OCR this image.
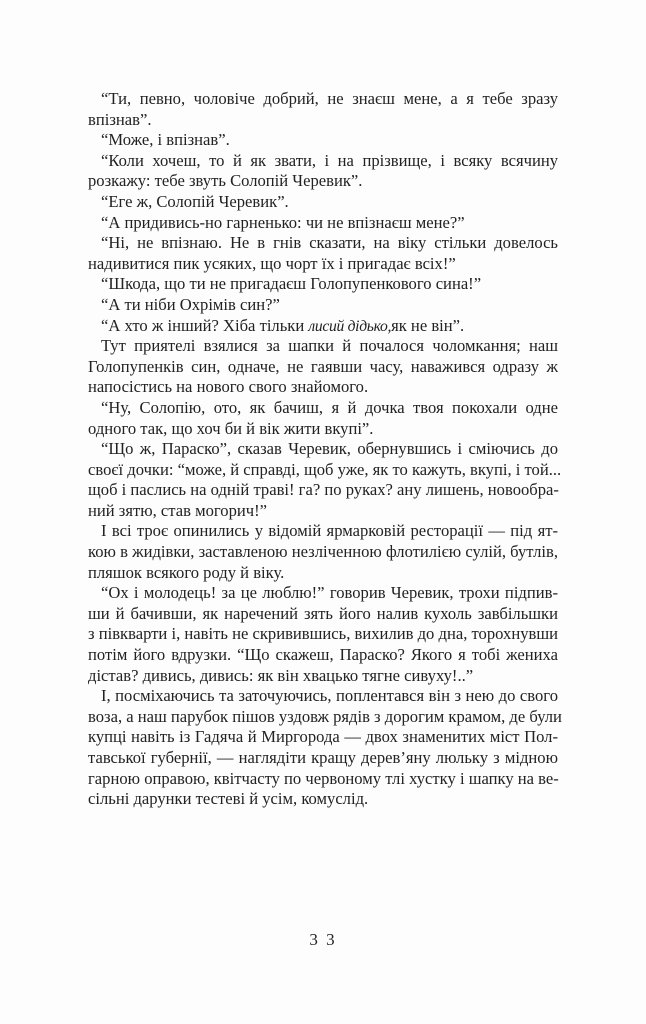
“Ти, певно, чоловіче добрий, не знаєш мене, а я тебе зразу
впізнав”.
“Може, і впізнав”.
“Коли хочеш, то й як звати, і на прізвище, і всяку всячину
розкажу: тебе звуть Солопій Черевик”.
“Еге ж, Солопій Черевик”.
“А придивись-но гарненько: чи не впізнаєш мене?”
“Ні, не впізнаю. Не в гнів сказати, на віку стільки довелось
надивитися пик усяких, що чорт їх і пригадає всіх!”
“Шкода, що ти не пригадаєш Голопупенкового сина!”
“А ти ніби Охрімів син?”
“А хто ж інший? Хіба тільки лисий дідько,як не він”.
Тут приятелі взялися за шапки й почалося чоломкання; наш
Голопупенків син, одначе, не гаявши часу, наважився одразу ж
напосістись на нового свого знайомого.
“Ну, Солопію, ото, як бачиш, я й дочка твоя покохали одне
одного так, що хоч би й вік жити вкупі”.
“Що ж, Параско”, сказав Черевик, обернувшись і сміючись до
своєї дочки: “може, й справді, щоб уже, як то кажуть, вкупі, і той...
щоб і паслись на одній траві! га? по руках? ану лишень, новообра-
ний зятю, став могорич!”
І всі троє опинились у відомій ярмарковій ресторації — під ят-
кою в жидівки, заставленою незліченною флотилією сулій, бутлів,
пляшок всякого роду й віку.
“Ох і молодець! за це люблю!” говорив Черевик, трохи підпив-
ши й бачивши, як наречений зять його налив кухоль завбільшки
з півкварти і, навіть не скривившись, вихилив до дна, торохнувши
потім його вдрузки. “Що скажеш, Параско? Якого я тобі жениха
дістав? дивись, дивись: як він хвацько тягне сивуху!..”
І, посміхаючись та заточуючись, поплентався він з нею до свого
воза, а наш парубок пішов уздовж рядів з дорогим крамом, де були
купці навіть із Гадяча й Миргорода — двох знаменитих міст Пол-
тавської губернії, — наглядіти кращу дерев’яну люльку з мідною
гарною оправою, квітчасту по червоному тлі хустку і шапку на ве-
сільні дарунки тестеві й усім, комуслід.
3 3
